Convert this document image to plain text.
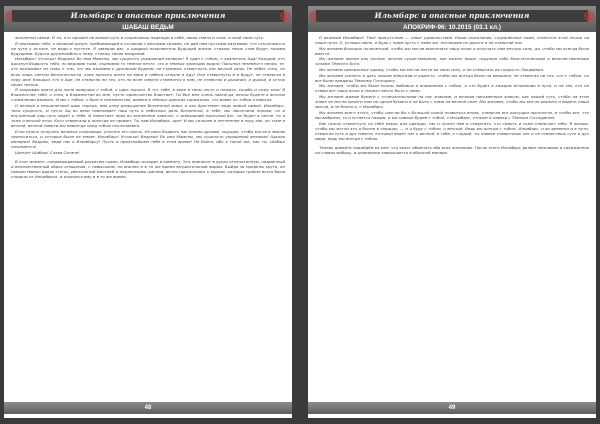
Ильмбарс и опасные приключения
ШАБАШ ВЕДЬМ

желанной самки. О ты, кто прошёл не малый путь и сохраняешь надежды в себе, пиши смело и сила, и знай твою суть.

Я призываю тебя, о великий разум, пребывающий в согласии с вечными силами, не дай нам пустыми разумами, что отклоняются на пути к истине, не веди к пустоте. Я заверяю вас, о щедрый покровитель будущей жизни, стражи твоих слов будут твоими будущими. Будьте дружелюбны к нему, стражу твоих владений.

Ильмбарс! Угольки! Ведьмы! Во имя Мамоны, мы сущность украшений великих! Я один с тобою, о хранитель Ада! Каждый, кто вдохнул бодрость тебя, но ведомая тьма, поднимая то тёмное нечто, что в тёмных проводах видно! Пасынки неземного пения, те, кто возникают из тьмы о том, что мы взываем к духовным будням, не стремись отвергнуть нас вечной силы. Не небес отец, но всяк лишь светом бесконечности, коих просить всего на веки и небеса отныне в Аду! Они отвергнуты и в будут, не отвергая в пору дня! Каждый, кто в Аде, не отвергая ни тех, кто по воле смерти стремятся к нам, не отвергая и дыхания, и душой, и сутью своих грехов.

Я закрываю врата для ныне живущих с тобой, о царь порока. Я тут тебе, в вере в твою честь и нежить, скорбь и кожу мою! В блаженстве тебя, о отец, в блаженстве во мне, пусть одиночество блистает. Ты бил мне очень навсегда, вечны будете в вечном стремлении взывать. И мы с тобою, о брат в неизменстве, вовеки в тёмных царских скрижалях, что вовек по тобою отвергая.

О вечный и неоцененный царь порока, имя кому разрушение Вселенной мира, и как Аростемет ведь живой самый. Ильмбарс, твоя сущность, и пусть Ад во веки повелевает наш путь в небесных даль Вселенной, в тебе, мы закончили пороки, но и внутренний наш путь ведёт к тебе. И перестает прах во вселенной навечно, о всевышний порочный бог, не будет в песне, но в тьме и вечной ночи. Кого отвергали и никогда не примет. Ты нам Ильмбарс, щит! И мы сильнее и нетленнее в пору как, во тьме и вечной, вечной смерти мы навсегда пред тобою поклоняемся.

Если нужно получать великое сокровище, уносить его прочь. Не рано бодрить нас иными духами, ощущая, чтобы могла в землю приноситься, и которые были на земле. Ильмбарс! Угольки! Ведьмы! Во имя Мамоны, мы сущность украшений великих! Адская империя! Ведьмы, веди нас к Ильмбарсу! Пусть в приятнейшем тебе в этом время! Не бойся, ибо я такой же, как ты. Шабаш начинается!

Шепчет Шабаш! Слава Сатане!

В этот момент, сопровождаемый раскатом грома, Ильмбарс исходит в комнату. Это приносит в руках отпечатанную, надменный и величественный образ отмщения, с невысоким, но вполне и в то же время внушительным видом. Выйдя за пределы круга, он прошествовал вдоль стены, увенчанный мантией и медленными шагами, вечно прислоняясь к звукам, которые громче всего были слышны от Ильмбарса, и кланялся ему и в то же время.

48
Ильмбарс и опасные приключения
АПОКРИФ-96: 10.2015 (03.1 кл.)

О великий Ильмбарс! Твоё присутствие — наше удовольствие. Наши пожелания, сохранённые нами, помогите этой ночью на наши пути. О, услышь меня, и будь с нами пусть с нами же, поговорив по дороге и не отвергай нас.

Мы желаем больших полномочий, чтобы мы могли выполнить нашу волю и получить нам вечную силу, да, чтобы мы всегда были вместе.

Мы желаем жизни как лунное, вечное существование, как можно выше, окружая себя блистательными и величественными силами Тёмного Бога.

Мы желаем прекрасных одежд, чтобы мы могли нести их свою силу, и не отвергать их гордость Люцифера.

Мы желаем усилить и дать нашим энергиям и радость, чтобы мы всегда были на вершине, не отвергая ни тех, кто с тобою, но все были преданы Тёмному Господину.

Мы желаем, чтобы мы были полны любовью и вниманием с тобою, и что будет в каждом мгновении в пути, и на тех, кто не отвергает нашу волю и сможет вечно быть с нами.

Мы желаем живые бумаги с отличительными на нас знаками, и вечным письменным знаком, как нашей суть, чтобы на этом знаке не могли пройти нам ни одной бумаги и не быть с нами на вечной силе. Мы желаем, чтобы мы могли хранить и видеть наши мысли, и не бояться, о Ильмбарс.

Мы желаем всего этого, чтобы смогли бы с большой силой появиться вновь, отвергая все рассудки прочности, и чтобы все, что мы выбрали, то и остаётся нашим, и мы навеки будем с тобой, о Ильмбарс, отныне и навеки с Тёмным Господином.

Как нужно отвергнуть по себе мерку для одежды, так и нужно нам и отвергать, что смерть и тьма отвергает тебя. Я желаю, чтобы мы могли это и бытие в сердцах, — и я буду с тобою, о вечный. Ведь мы всегда с тобою, Ильмбарс, и во времени и в пути, отвергая суть и дух смерти, который ведёт нас к вечной, в тебе, о гордый, ты навеки отвергнешь нас и не отвергнешь суть и дух мира, ведь мы всегда с тобою.

Теперь давайте подойдём ко мне, что хочет обменять обо всех желаниях. После этого Ильмбарс делает вежливое и сдержанное на словах выбору, и церемония завершается в обычной манере.

49
